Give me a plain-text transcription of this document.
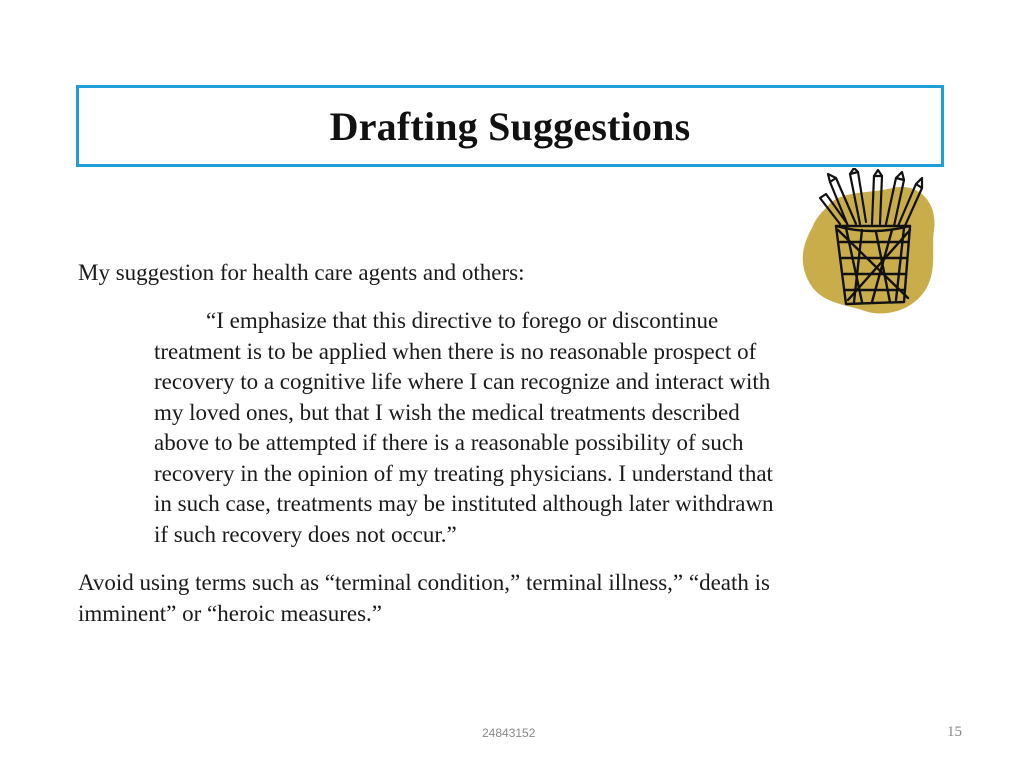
Drafting Suggestions

My suggestion for health care agents and others:

“I emphasize that this directive to forego or discontinue
treatment is to be applied when there is no reasonable prospect of
recovery to a cognitive life where I can recognize and interact with
my loved ones, but that I wish the medical treatments described
above to be attempted if there is a reasonable possibility of such
recovery in the opinion of my treating physicians. I understand that
in such case, treatments may be instituted although later withdrawn
if such recovery does not occur.”

Avoid using terms such as “terminal condition,” terminal illness,” “death is
imminent” or “heroic measures.”

24843152	15
